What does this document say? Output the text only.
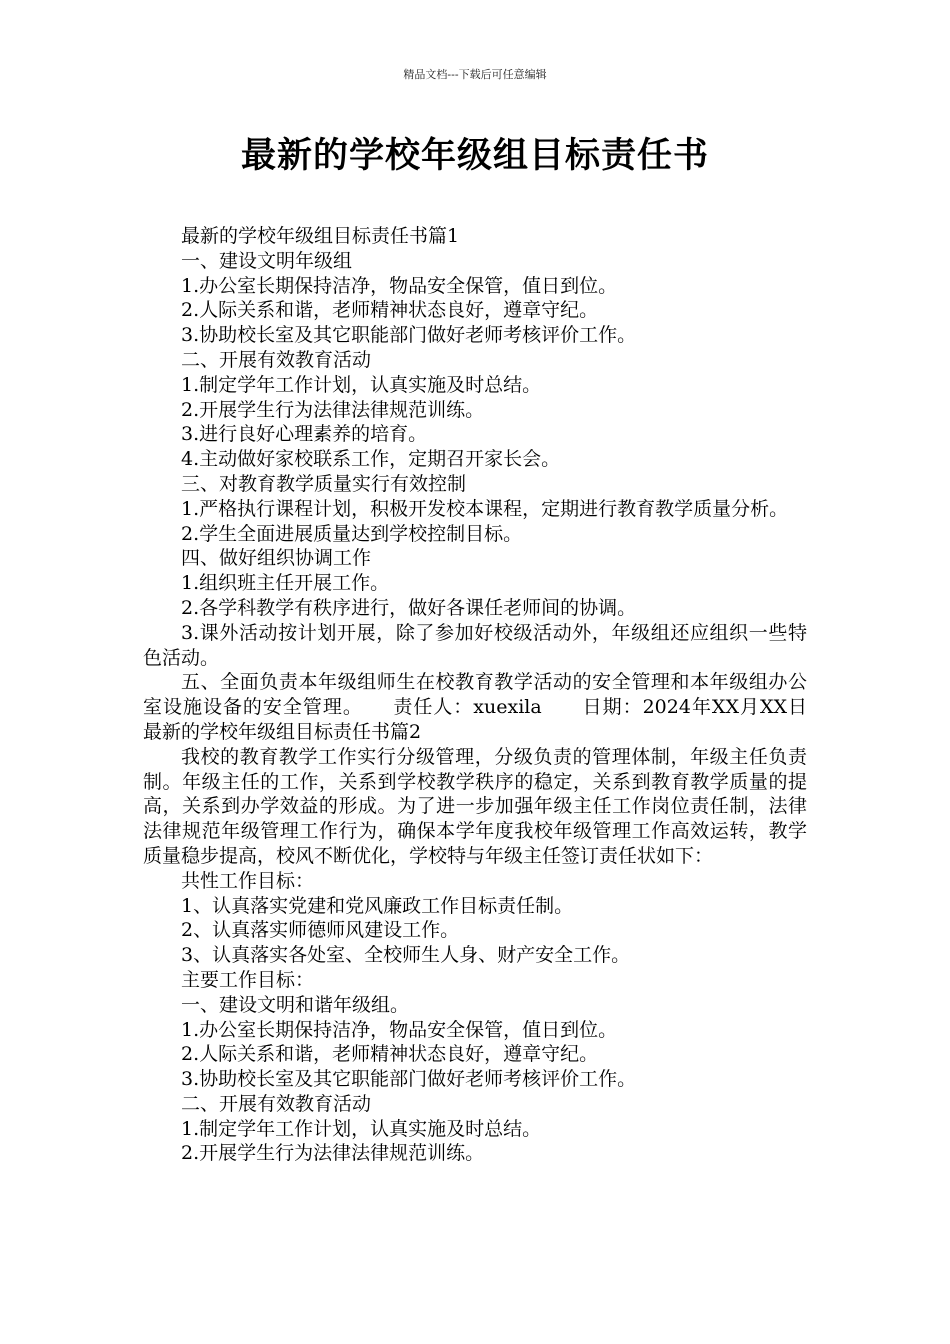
精品文档---下载后可任意编辑
最新的学校年级组目标责任书

最新的学校年级组目标责任书篇1

一、建设文明年级组

1.办公室长期保持洁净，物品安全保管，值日到位。

2.人际关系和谐，老师精神状态良好，遵章守纪。

3.协助校长室及其它职能部门做好老师考核评价工作。

二、开展有效教育活动

1.制定学年工作计划，认真实施及时总结。

2.开展学生行为法律法律规范训练。

3.进行良好心理素养的培育。

4.主动做好家校联系工作，定期召开家长会。

三、对教育教学质量实行有效控制

1.严格执行课程计划，积极开发校本课程，定期进行教育教学质量分析。

2.学生全面进展质量达到学校控制目标。

四、做好组织协调工作

1.组织班主任开展工作。

2.各学科教学有秩序进行，做好各课任老师间的协调。

3.课外活动按计划开展，除了参加好校级活动外，年级组还应组织一些特色活动。

五、全面负责本年级组师生在校教育教学活动的安全管理和本年级组办公室设施设备的安全管理。　　责任人：xuexila　　日期：2024年XX月XX日　　最新的学校年级组目标责任书篇2

我校的教育教学工作实行分级管理，分级负责的管理体制，年级主任负责制。年级主任的工作，关系到学校教学秩序的稳定，关系到教育教学质量的提高，关系到办学效益的形成。为了进一步加强年级主任工作岗位责任制，法律法律规范年级管理工作行为，确保本学年度我校年级管理工作高效运转，教学质量稳步提高，校风不断优化，学校特与年级主任签订责任状如下：

共性工作目标：

1、认真落实党建和党风廉政工作目标责任制。

2、认真落实师德师风建设工作。

3、认真落实各处室、全校师生人身、财产安全工作。

主要工作目标：

一、建设文明和谐年级组。

1.办公室长期保持洁净，物品安全保管，值日到位。

2.人际关系和谐，老师精神状态良好，遵章守纪。

3.协助校长室及其它职能部门做好老师考核评价工作。

二、开展有效教育活动

1.制定学年工作计划，认真实施及时总结。

2.开展学生行为法律法律规范训练。
